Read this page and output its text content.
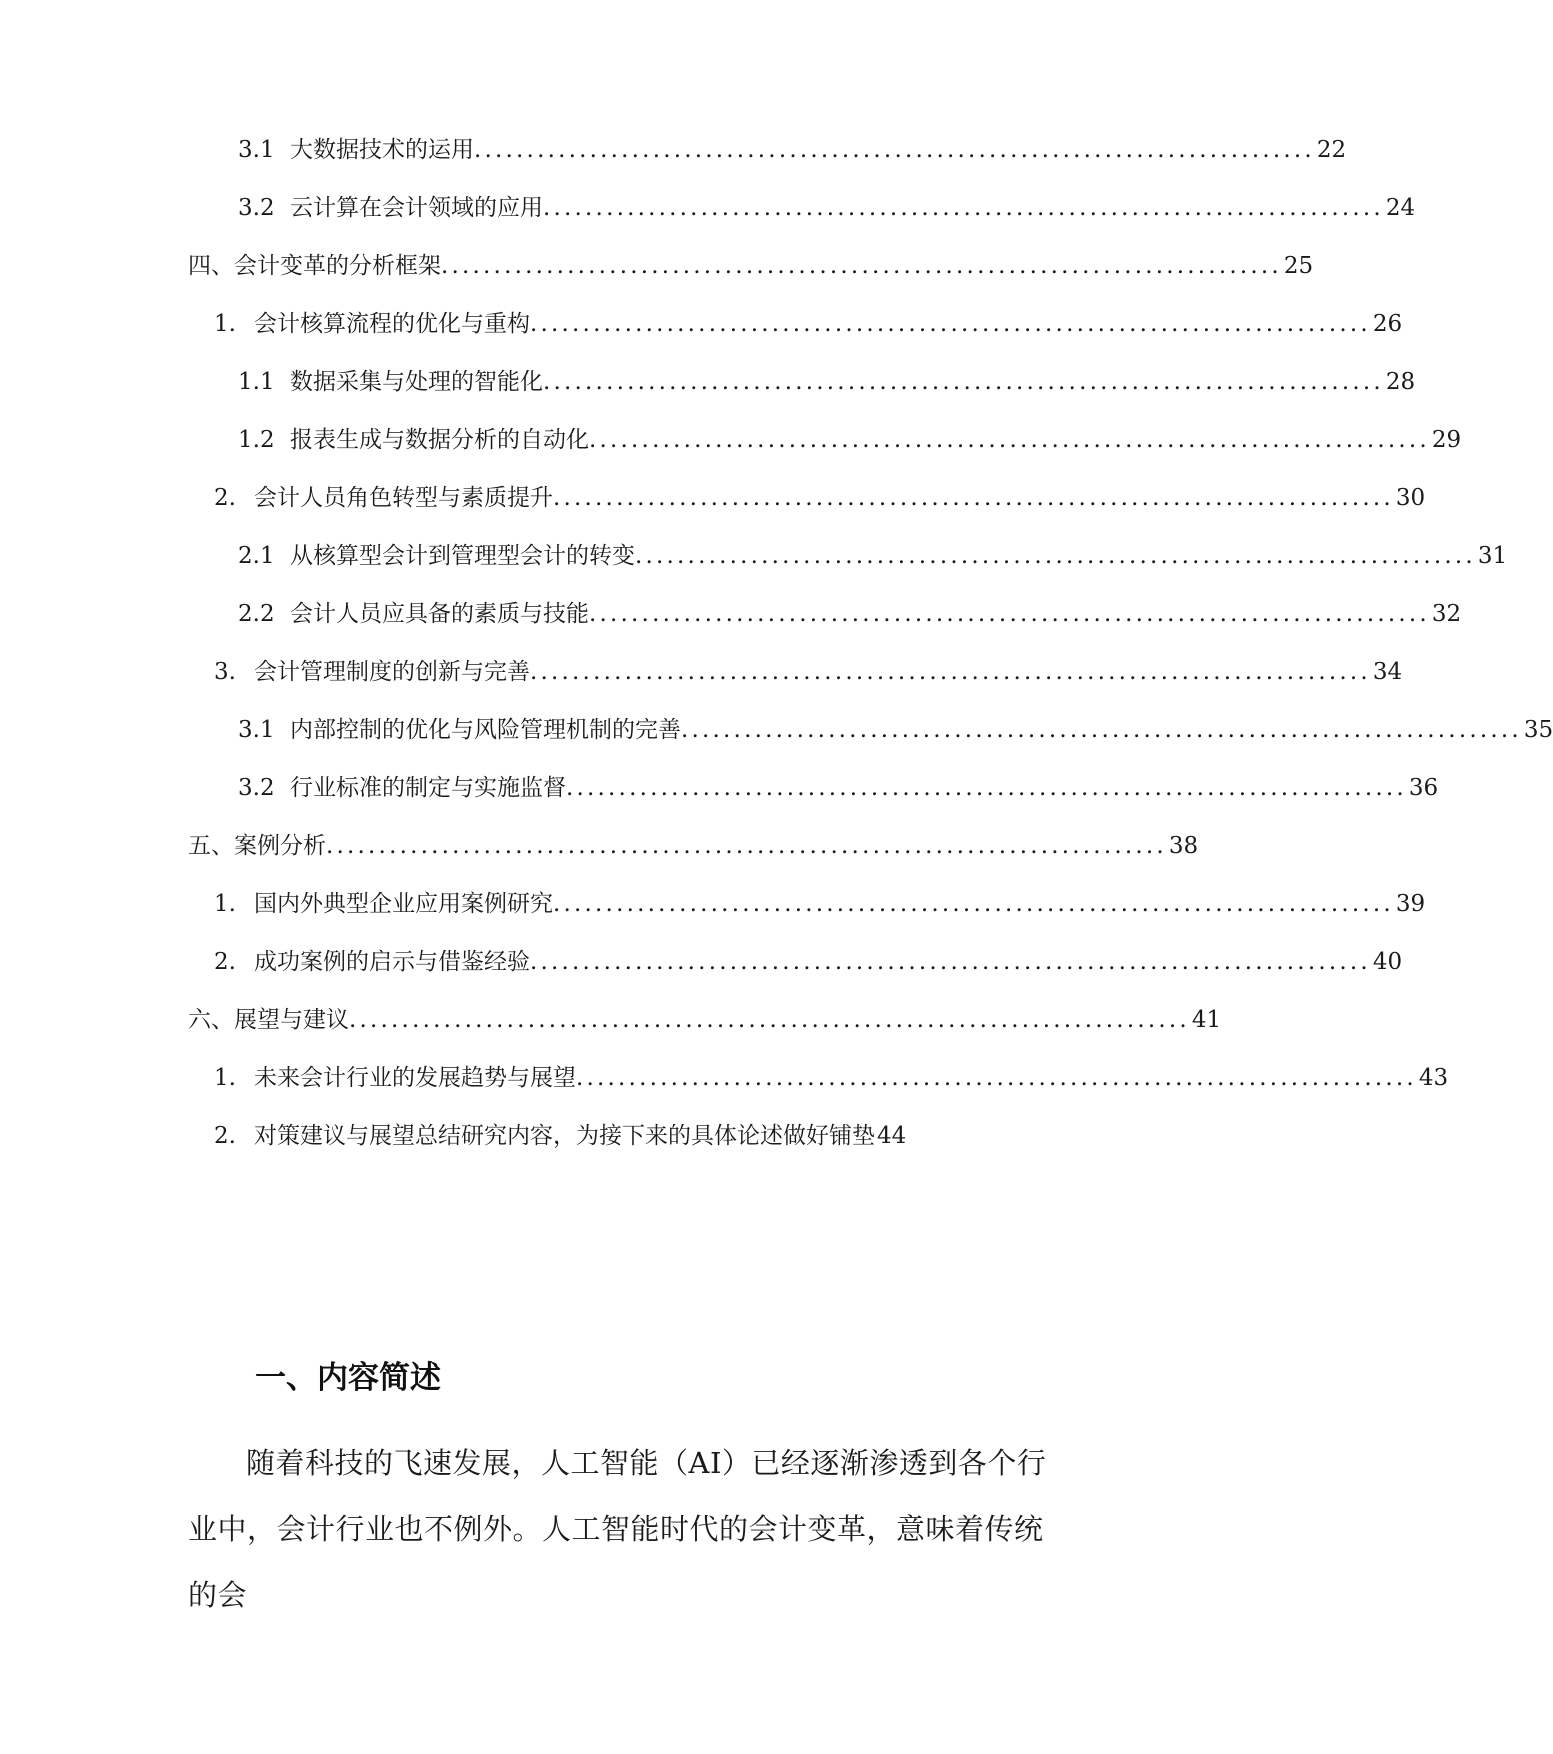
3.1 大数据技术的运用 ................................................................................ 22
3.2 云计算在会计领域的应用 ................................................................................ 24
四、会计变革的分析框架 ................................................................................ 25
1. 会计核算流程的优化与重构 ................................................................................ 26
1.1 数据采集与处理的智能化 ................................................................................ 28
1.2 报表生成与数据分析的自动化 ................................................................................ 29
2. 会计人员角色转型与素质提升 ................................................................................ 30
2.1 从核算型会计到管理型会计的转变 ................................................................................ 31
2.2 会计人员应具备的素质与技能 ................................................................................ 32
3. 会计管理制度的创新与完善 ................................................................................ 34
3.1 内部控制的优化与风险管理机制的完善 ................................................................................ 35
3.2 行业标准的制定与实施监督 ................................................................................ 36
五、案例分析 ................................................................................ 38
1. 国内外典型企业应用案例研究 ................................................................................ 39
2. 成功案例的启示与借鉴经验 ................................................................................ 40
六、展望与建议 ................................................................................ 41
1. 未来会计行业的发展趋势与展望 ................................................................................ 43
2. 对策建议与展望总结研究内容，为接下来的具体论述做好铺垫 44
一、内容简述

随着科技的飞速发展，人工智能（AI）已经逐渐渗透到各个行业中，会计行业也不例外。人工智能时代的会计变革，意味着传统的会
